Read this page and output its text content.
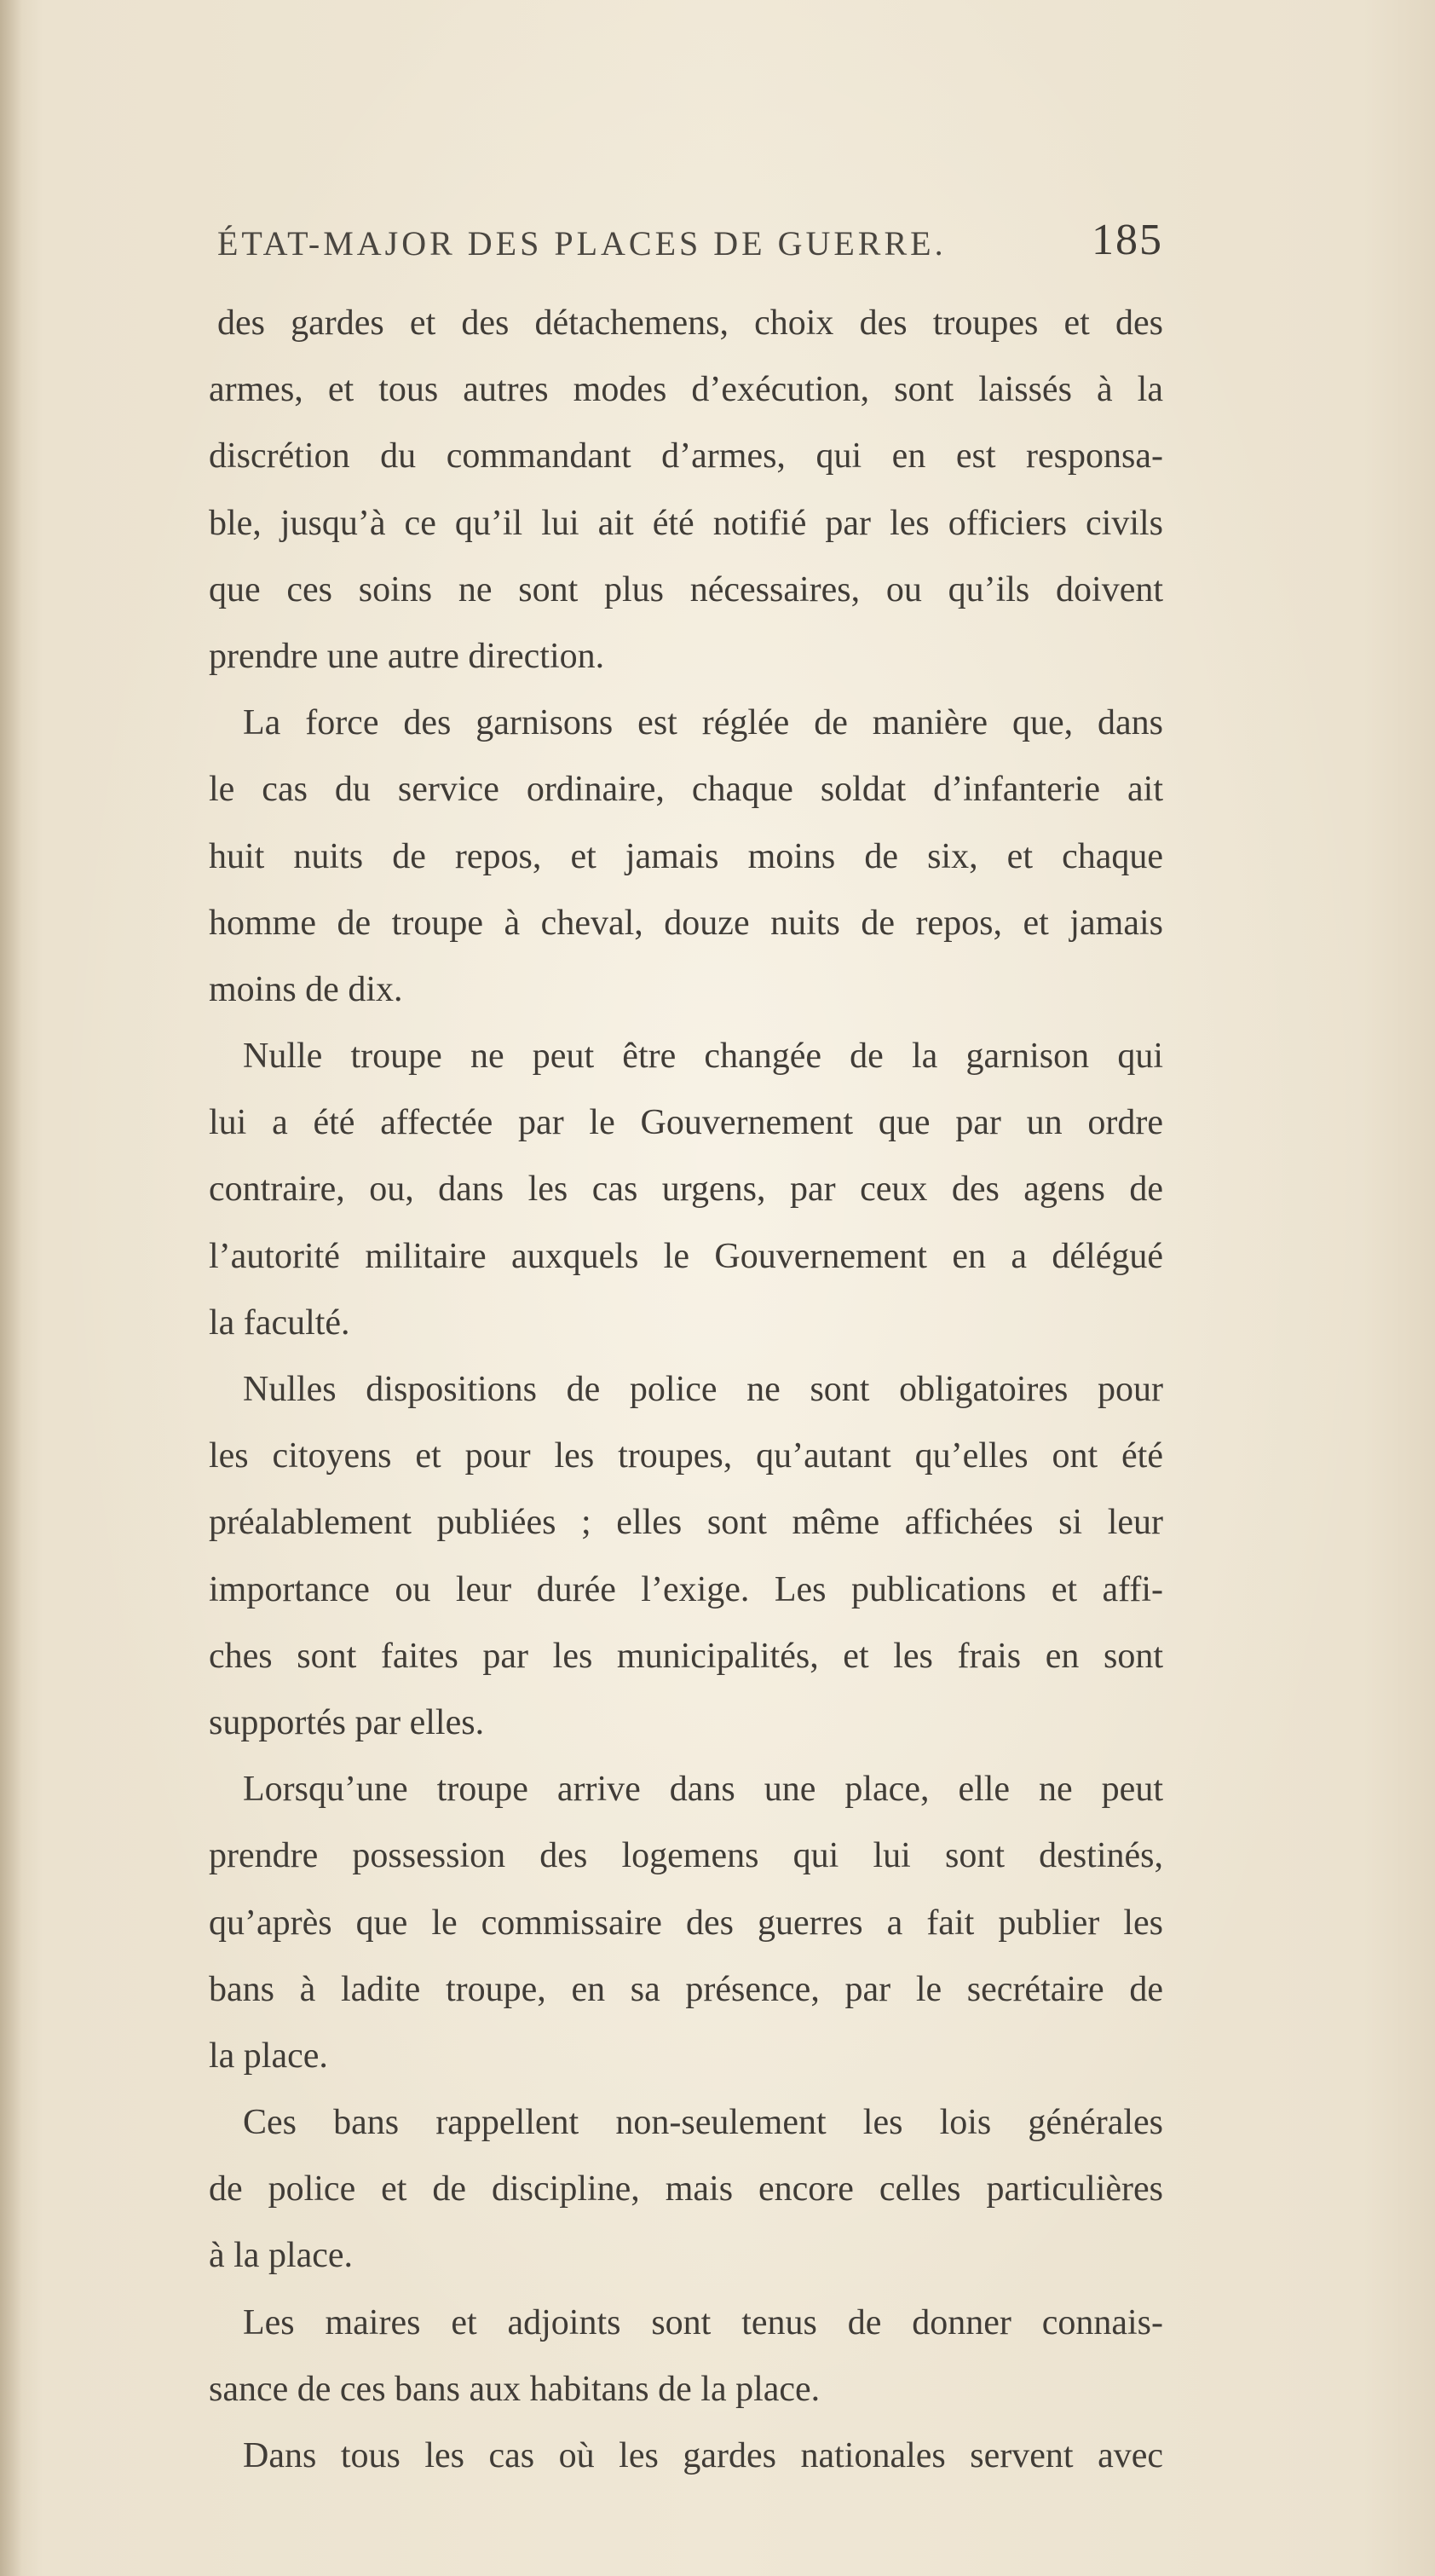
ÉTAT-MAJOR DES PLACES DE GUERRE.	185
des gardes et des détachemens, choix des troupes et des
armes, et tous autres modes d’exécution, sont laissés à la
discrétion du commandant d’armes, qui en est responsa-
ble, jusqu’à ce qu’il lui ait été notifié par les officiers civils
que ces soins ne sont plus nécessaires, ou qu’ils doivent
prendre une autre direction.
La force des garnisons est réglée de manière que, dans
le cas du service ordinaire, chaque soldat d’infanterie ait
huit nuits de repos, et jamais moins de six, et chaque
homme de troupe à cheval, douze nuits de repos, et jamais
moins de dix.
Nulle troupe ne peut être changée de la garnison qui
lui a été affectée par le Gouvernement que par un ordre
contraire, ou, dans les cas urgens, par ceux des agens de
l’autorité militaire auxquels le Gouvernement en a délégué
la faculté.
Nulles dispositions de police ne sont obligatoires pour
les citoyens et pour les troupes, qu’autant qu’elles ont été
préalablement publiées ; elles sont même affichées si leur
importance ou leur durée l’exige. Les publications et affi-
ches sont faites par les municipalités, et les frais en sont
supportés par elles.
Lorsqu’une troupe arrive dans une place, elle ne peut
prendre possession des logemens qui lui sont destinés,
qu’après que le commissaire des guerres a fait publier les
bans à ladite troupe, en sa présence, par le secrétaire de
la place.
Ces bans rappellent non-seulement les lois générales
de police et de discipline, mais encore celles particulières
à la place.
Les maires et adjoints sont tenus de donner connais-
sance de ces bans aux habitans de la place.
Dans tous les cas où les gardes nationales servent avec
